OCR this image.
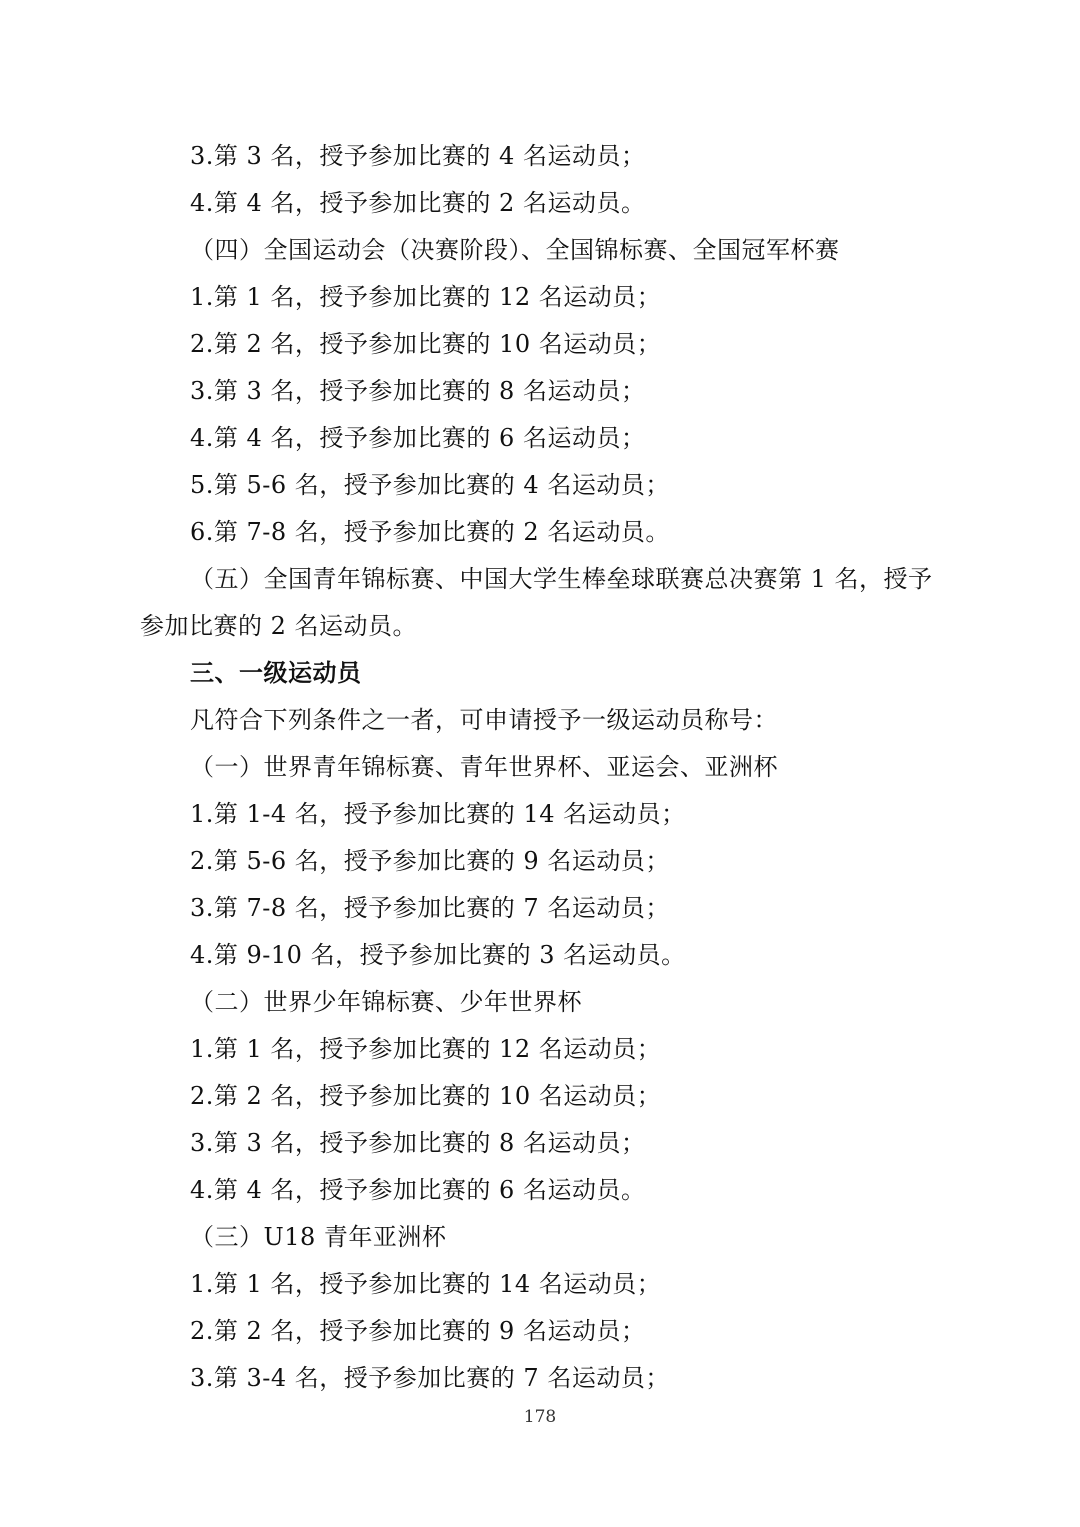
3.第 3 名，授予参加比赛的 4 名运动员；
4.第 4 名，授予参加比赛的 2 名运动员。
（四）全国运动会（决赛阶段）、全国锦标赛、全国冠军杯赛
1.第 1 名，授予参加比赛的 12 名运动员；
2.第 2 名，授予参加比赛的 10 名运动员；
3.第 3 名，授予参加比赛的 8 名运动员；
4.第 4 名，授予参加比赛的 6 名运动员；
5.第 5-6 名，授予参加比赛的 4 名运动员；
6.第 7-8 名，授予参加比赛的 2 名运动员。
（五）全国青年锦标赛、中国大学生棒垒球联赛总决赛第 1 名，授予
参加比赛的 2 名运动员。
三、一级运动员
凡符合下列条件之一者，可申请授予一级运动员称号：
（一）世界青年锦标赛、青年世界杯、亚运会、亚洲杯
1.第 1-4 名，授予参加比赛的 14 名运动员；
2.第 5-6 名，授予参加比赛的 9 名运动员；
3.第 7-8 名，授予参加比赛的 7 名运动员；
4.第 9-10 名，授予参加比赛的 3 名运动员。
（二）世界少年锦标赛、少年世界杯
1.第 1 名，授予参加比赛的 12 名运动员；
2.第 2 名，授予参加比赛的 10 名运动员；
3.第 3 名，授予参加比赛的 8 名运动员；
4.第 4 名，授予参加比赛的 6 名运动员。
（三）U18 青年亚洲杯
1.第 1 名，授予参加比赛的 14 名运动员；
2.第 2 名，授予参加比赛的 9 名运动员；
3.第 3-4 名，授予参加比赛的 7 名运动员；
178
